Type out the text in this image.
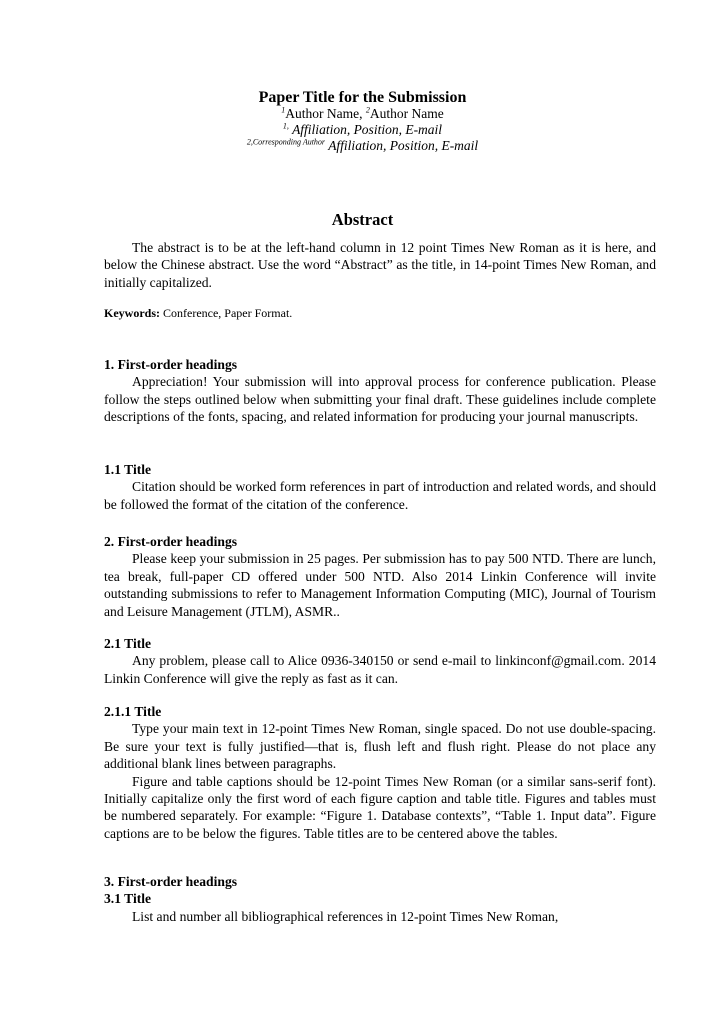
Paper Title for the Submission
$^1$Author Name, $^2$Author Name
$^{1,}$ Affiliation, Position, E-mail
$^{2,Corresponding Author}$ Affiliation, Position, E-mail
Abstract

The abstract is to be at the left-hand column in 12 point Times New Roman as it is here, and below the Chinese abstract. Use the word “Abstract” as the title, in 14-point Times New Roman, and initially capitalized.

Keywords: Conference, Paper Format.
1. First-order headings

Appreciation! Your submission will into approval process for conference publication. Please follow the steps outlined below when submitting your final draft. These guidelines include complete descriptions of the fonts, spacing, and related information for producing your journal manuscripts.

1.1 Title

Citation should be worked form references in part of introduction and related words, and should be followed the format of the citation of the conference.

2. First-order headings

Please keep your submission in 25 pages. Per submission has to pay 500 NTD. There are lunch, tea break, full-paper CD offered under 500 NTD. Also 2014 Linkin Conference will invite outstanding submissions to refer to Management Information Computing (MIC), Journal of Tourism and Leisure Management (JTLM), ASMR..

2.1 Title

Any problem, please call to Alice 0936-340150 or send e-mail to linkinconf@gmail.com. 2014 Linkin Conference will give the reply as fast as it can.

2.1.1 Title

Type your main text in 12-point Times New Roman, single spaced. Do not use double-spacing. Be sure your text is fully justified—that is, flush left and flush right. Please do not place any additional blank lines between paragraphs.

Figure and table captions should be 12-point Times New Roman (or a similar sans-serif font). Initially capitalize only the first word of each figure caption and table title. Figures and tables must be numbered separately. For example: “Figure 1. Database contexts”, “Table 1. Input data”. Figure captions are to be below the figures. Table titles are to be centered above the tables.

3. First-order headings
3.1 Title

List and number all bibliographical references in 12-point Times New Roman,
